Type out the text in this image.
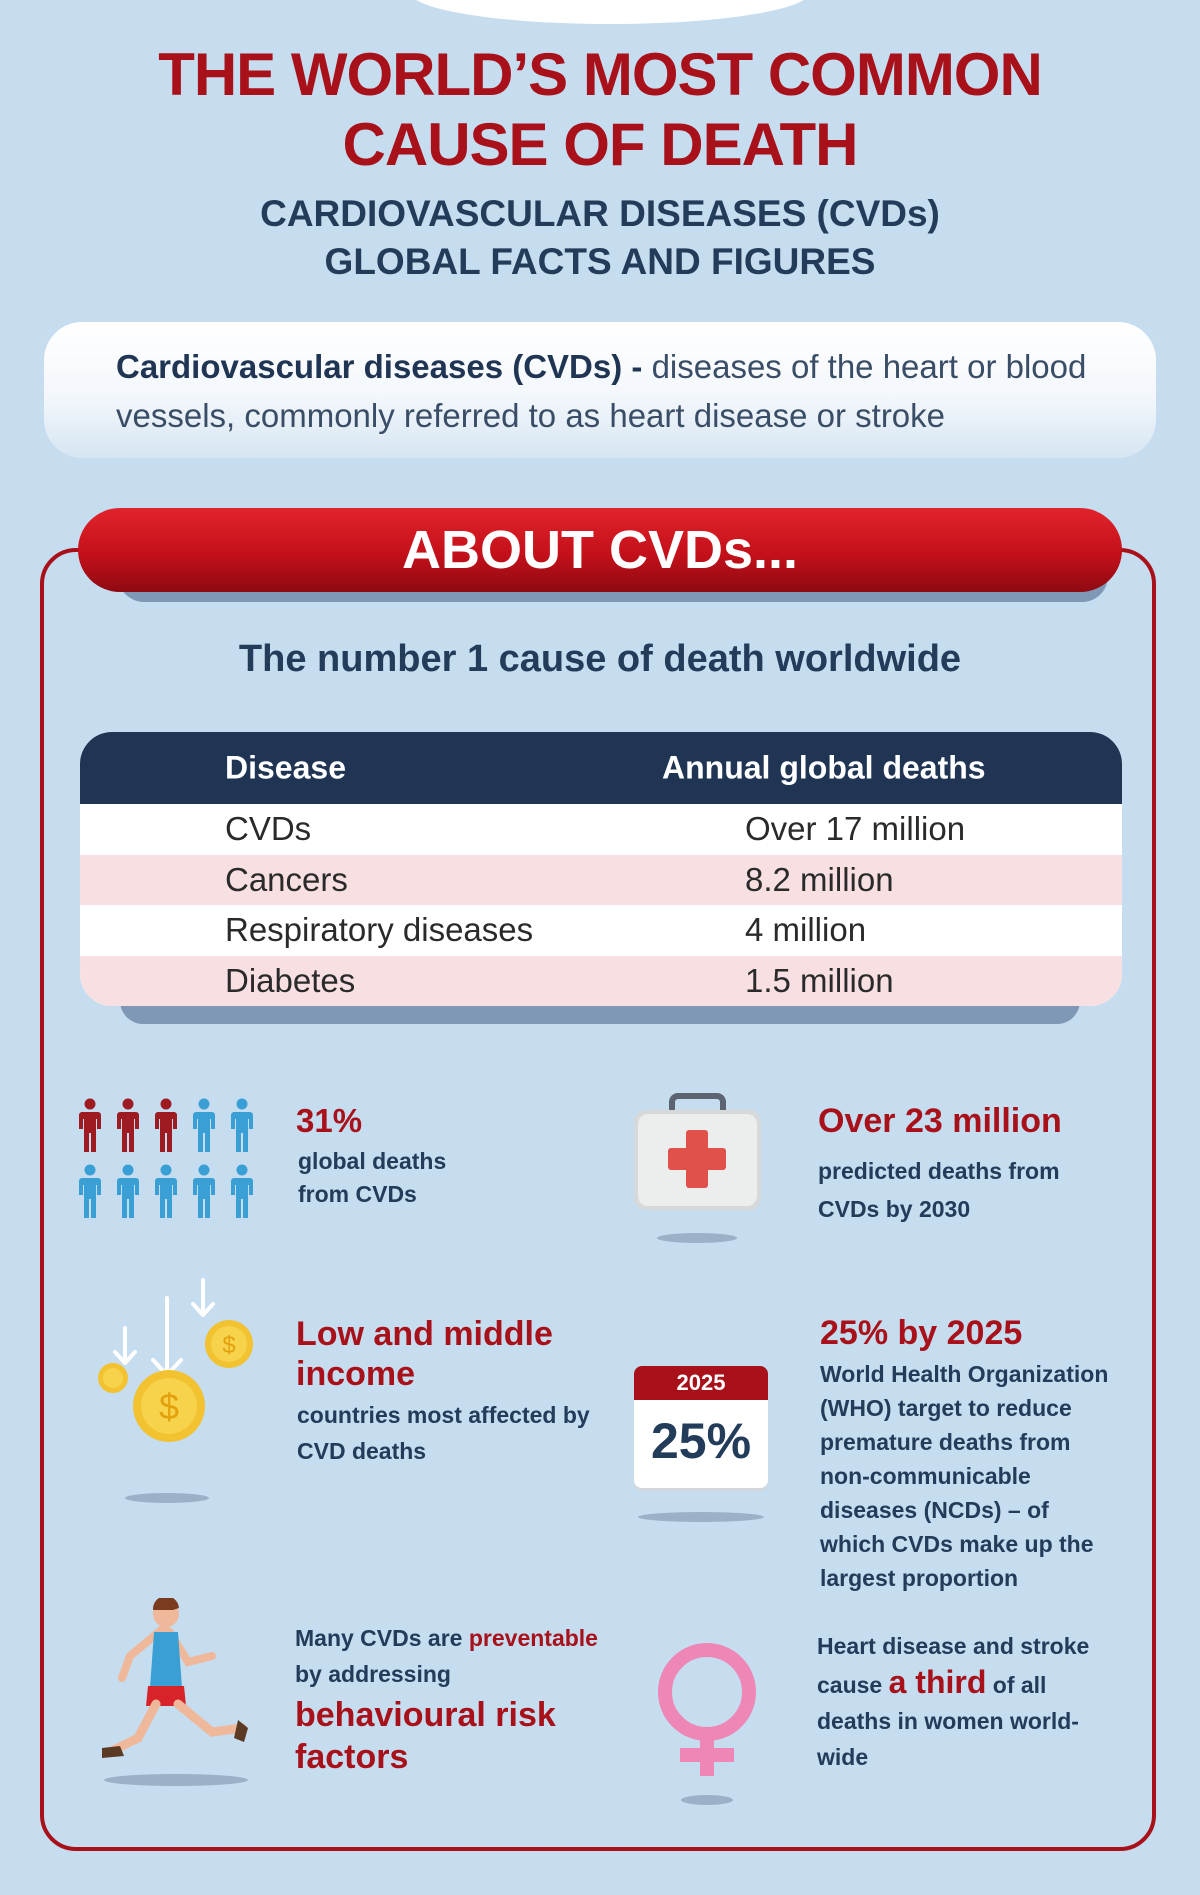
THE WORLD’S MOST COMMON
CAUSE OF DEATH
CARDIOVASCULAR DISEASES (CVDs)
GLOBAL FACTS AND FIGURES
Cardiovascular diseases (CVDs) - diseases of the heart or blood vessels, commonly referred to as heart disease or stroke
ABOUT CVDs...
The number 1 cause of death worldwide
Disease	Annual global deaths
CVDs	Over 17 million
Cancers	8.2 million
Respiratory diseases	4 million
Diabetes	1.5 million
31%
global deaths from CVDs
Over 23 million
predicted deaths from CVDs by 2030
$
$
Low and middle income
countries most affected by CVD deaths
2025
25%
25% by 2025
World Health Organization (WHO) target to reduce premature deaths from non-communicable diseases (NCDs) – of which CVDs make up the largest proportion
Many CVDs are preventable by addressing
behavioural risk factors
Heart disease and stroke cause a third of all deaths in women world-wide
